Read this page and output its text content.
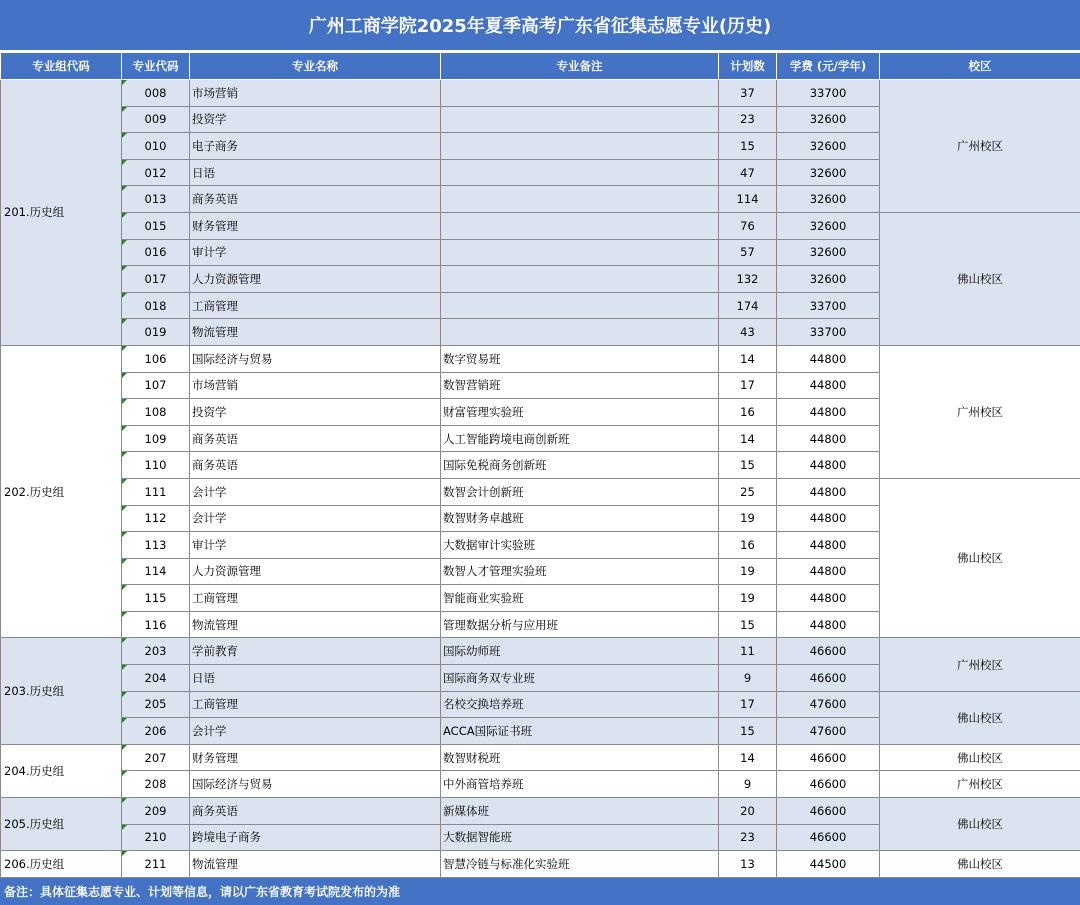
广州工商学院2025年夏季高考广东省征集志愿专业(历史)
专业组代码	专业代码	专业名称	专业备注	计划数	学费 (元/学年)	校区
201.历史组	008	市场营销		37	33700	广州校区
	009	投资学		23	32600	
	010	电子商务		15	32600	
	012	日语		47	32600	
	013	商务英语		114	32600	
	015	财务管理		76	32600	佛山校区
	016	审计学		57	32600	
	017	人力资源管理		132	32600	
	018	工商管理		174	33700	
	019	物流管理		43	33700	
202.历史组	106	国际经济与贸易	数字贸易班	14	44800	广州校区
	107	市场营销	数智营销班	17	44800	
	108	投资学	财富管理实验班	16	44800	
	109	商务英语	人工智能跨境电商创新班	14	44800	
	110	商务英语	国际免税商务创新班	15	44800	
	111	会计学	数智会计创新班	25	44800	佛山校区
	112	会计学	数智财务卓越班	19	44800	
	113	审计学	大数据审计实验班	16	44800	
	114	人力资源管理	数智人才管理实验班	19	44800	
	115	工商管理	智能商业实验班	19	44800	
	116	物流管理	管理数据分析与应用班	15	44800	
203.历史组	203	学前教育	国际幼师班	11	46600	广州校区
	204	日语	国际商务双专业班	9	46600	
	205	工商管理	名校交换培养班	17	47600	佛山校区
	206	会计学	ACCA国际证书班	15	47600	
204.历史组	207	财务管理	数智财税班	14	46600	佛山校区
	208	国际经济与贸易	中外商管培养班	9	46600	广州校区
205.历史组	209	商务英语	新媒体班	20	46600	佛山校区
	210	跨境电子商务	大数据智能班	23	46600	
206.历史组	211	物流管理	智慧冷链与标准化实验班	13	44500	佛山校区
备注：具体征集志愿专业、计划等信息，请以广东省教育考试院发布的为准
